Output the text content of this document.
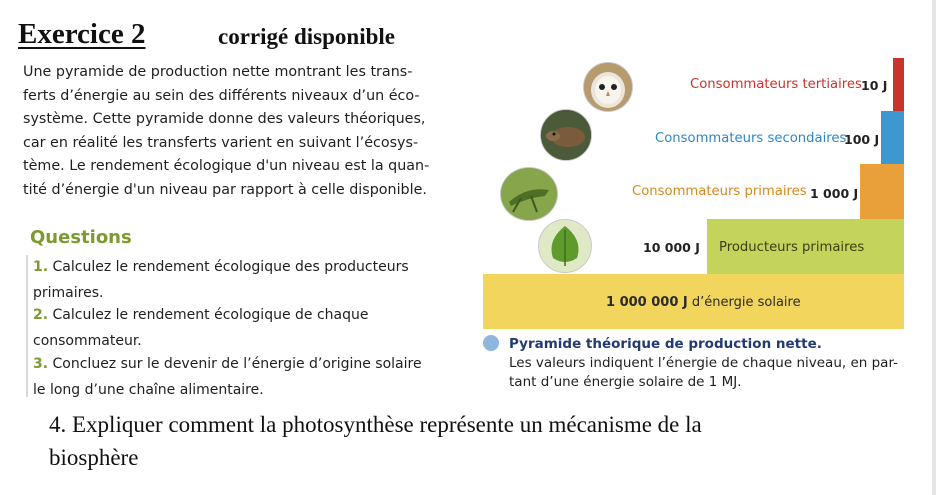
Exercice 2	corrigé disponible
Une pyramide de production nette montrant les trans-
ferts d’énergie au sein des différents niveaux d’un éco-
système. Cette pyramide donne des valeurs théoriques,
car en réalité les transferts varient en suivant l’écosys-
tème. Le rendement écologique d'un niveau est la quan-
tité d’énergie d'un niveau par rapport à celle disponible.
Questions
1. Calculez le rendement écologique des producteurs
primaires.
2. Calculez le rendement écologique de chaque
consommateur.
3. Concluez sur le devenir de l’énergie d’origine solaire
le long d’une chaîne alimentaire.
Consommateurs tertiaires 10 J
Consommateurs secondaires
100 J
Consommateurs primaires 1 000 J
10 000 J Producteurs primaires
1 000 000 J d’énergie solaire
Pyramide théorique de production nette.
Les valeurs indiquent l’énergie de chaque niveau, en par-
tant d’une énergie solaire de 1 MJ.
4. Expliquer comment la photosynthèse représente un mécanisme de la
biosphère
